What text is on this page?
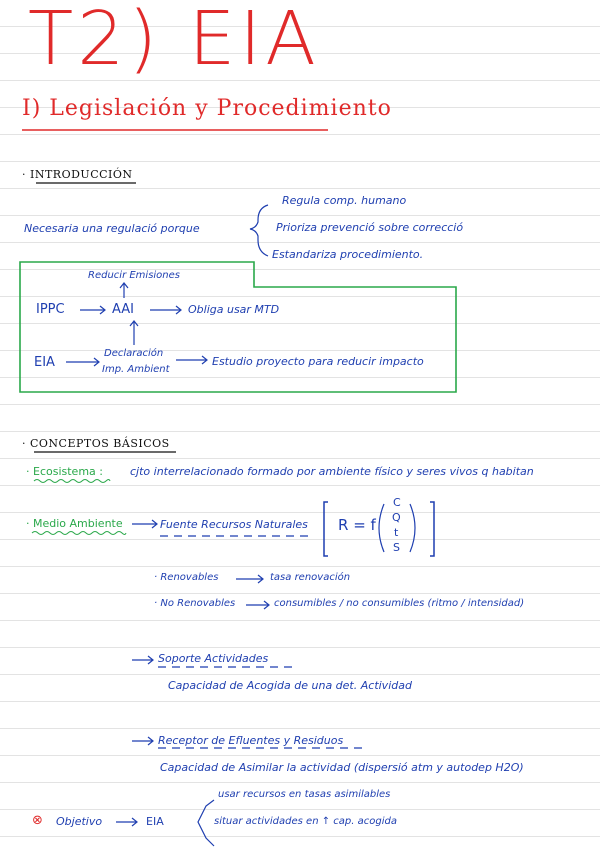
T2) EIA
I) Legislación y Procedimiento
· INTRODUCCIÓN
Necesaria una regulació porque
Regula comp. humano
Prioriza prevenció sobre correcció
Estandariza procedimiento.
Reducir Emisiones
IPPC	AAI	Obliga usar MTD
EIA
Declaración
Imp. Ambient
Estudio proyecto para reducir impacto
· CONCEPTOS BÁSICOS
· Ecosistema : cjto interrelacionado formado por ambiente físico y seres vivos q habitan
· Medio Ambiente	Fuente Recursos Naturales R = f
C
Q
t
S
· Renovables	tasa renovación
· No Renovables	consumibles / no consumibles (ritmo / intensidad)
Soporte Actividades
Capacidad de Acogida de una det. Actividad
Receptor de Efluentes y Residuos
Capacidad de Asimilar la actividad (dispersió atm y autodep H2O)
⊗ Objetivo	EIA
usar recursos en tasas asimilables
situar actividades en ↑ cap. acogida
